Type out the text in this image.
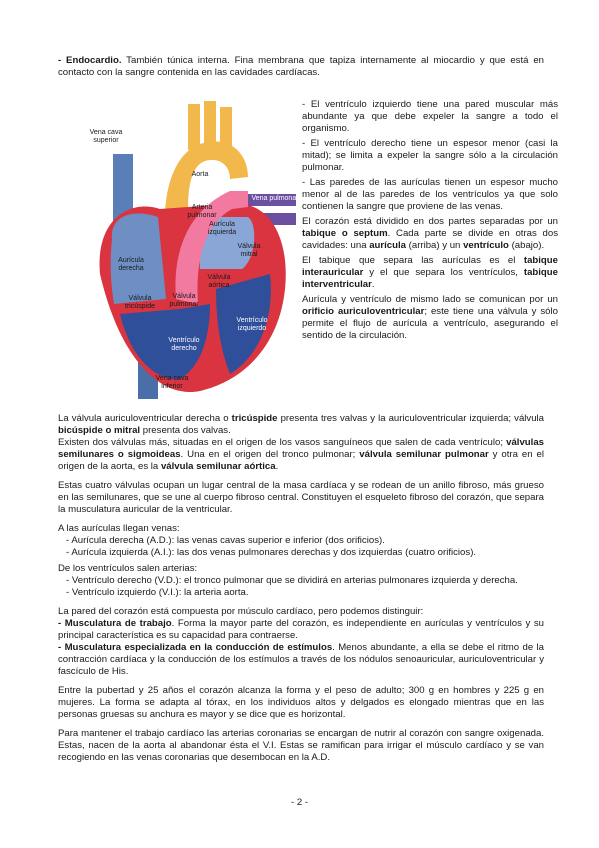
- Endocardio. También túnica interna. Fina membrana que tapiza internamente al miocardio y que está en contacto con la sangre contenida en las cavidades cardíacas.

Vena cava superior
Aorta
Arteria pulmonar
Vena pulmonar
Aurícula izquierda
Válvula mitral
Aurícula derecha
Válvula aórtica
Válvula tricúspide
Válvula pulmonar
Ventrículo izquierdo
Ventrículo derecho
Vena cava inferior

- El ventrículo izquierdo tiene una pared muscular más abundante ya que debe expeler la sangre a todo el organismo.

- El ventrículo derecho tiene un espesor menor (casi la mitad); se limita a expeler la sangre sólo a la circulación pulmonar.

- Las paredes de las aurículas tienen un espesor mucho menor al de las paredes de los ventrículos ya que solo contienen la sangre que proviene de las venas.

El corazón está dividido en dos partes separadas por un tabique o septum. Cada parte se divide en otras dos cavidades: una aurícula (arriba) y un ventrículo (abajo).

El tabique que separa las aurículas es el tabique interauricular y el que separa los ventrículos, tabique interventricular.

Aurícula y ventrículo de mismo lado se comunican por un orificio auriculoventricular; este tiene una válvula y sólo permite el flujo de aurícula a ventrículo, asegurando el sentido de la circulación.

La válvula auriculoventricular derecha o tricúspide presenta tres valvas y la auriculoventricular izquierda; válvula bicúspide o mitral presenta dos valvas.

Existen dos válvulas más, situadas en el origen de los vasos sanguíneos que salen de cada ventrículo; válvulas semilunares o sigmoideas. Una en el origen del tronco pulmonar; válvula semilunar pulmonar y otra en el origen de la aorta, es la válvula semilunar aórtica.

Estas cuatro válvulas ocupan un lugar central de la masa cardíaca y se rodean de un anillo fibroso, más grueso en las semilunares, que se une al cuerpo fibroso central. Constituyen el esqueleto fibroso del corazón, que separa la musculatura auricular de la ventricular.

A las aurículas llegan venas:

- Aurícula derecha (A.D.): las venas cavas superior e inferior (dos orificios).

- Aurícula izquierda (A.I.): las dos venas pulmonares derechas y dos izquierdas (cuatro orificios).

De los ventrículos salen arterias:

- Ventrículo derecho (V.D.): el tronco pulmonar que se dividirá en arterias pulmonares izquierda y derecha.

- Ventrículo izquierdo (V.I.): la arteria aorta.

La pared del corazón está compuesta por músculo cardíaco, pero podemos distinguir:

- Musculatura de trabajo. Forma la mayor parte del corazón, es independiente en aurículas y ventrículos y su principal característica es su capacidad para contraerse.

- Musculatura especializada en la conducción de estímulos. Menos abundante, a ella se debe el ritmo de la contracción cardíaca y la conducción de los estímulos a través de los nódulos senoauricular, auriculoventricular y fascículo de His.

Entre la pubertad y 25 años el corazón alcanza la forma y el peso de adulto; 300 g en hombres y 225 g en mujeres. La forma se adapta al tórax, en los individuos altos y delgados es elongado mientras que en las personas gruesas su anchura es mayor y se dice que es horizontal.

Para mantener el trabajo cardíaco las arterias coronarias se encargan de nutrir al corazón con sangre oxigenada. Estas, nacen de la aorta al abandonar ésta el V.I. Estas se ramifican para irrigar el músculo cardíaco y se van recogiendo en las venas coronarias que desembocan en la A.D.

- 2 -
